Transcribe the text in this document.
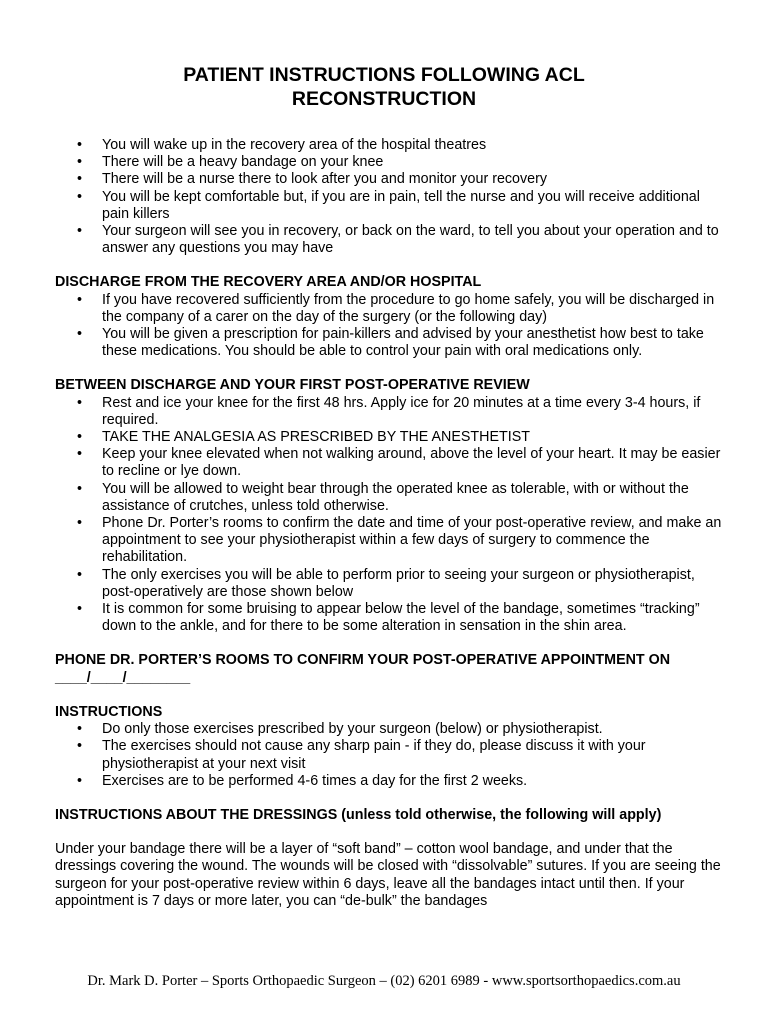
PATIENT INSTRUCTIONS FOLLOWING ACL
RECONSTRUCTION
• You will wake up in the recovery area of the hospital theatres
• There will be a heavy bandage on your knee
• There will be a nurse there to look after you and monitor your recovery
• You will be kept comfortable but, if you are in pain, tell the nurse and you will receive additional pain killers
• Your surgeon will see you in recovery, or back on the ward, to tell you about your operation and to answer any questions you may have
DISCHARGE FROM THE RECOVERY AREA AND/OR HOSPITAL
• If you have recovered sufficiently from the procedure to go home safely, you will be discharged in the company of a carer on the day of the surgery (or the following day)
• You will be given a prescription for pain-killers and advised by your anesthetist how best to take these medications. You should be able to control your pain with oral medications only.
BETWEEN DISCHARGE AND YOUR FIRST POST-OPERATIVE REVIEW
• Rest and ice your knee for the first 48 hrs. Apply ice for 20 minutes at a time every 3-4 hours, if required.
• TAKE THE ANALGESIA AS PRESCRIBED BY THE ANESTHETIST
• Keep your knee elevated when not walking around, above the level of your heart. It may be easier to recline or lye down.
• You will be allowed to weight bear through the operated knee as tolerable, with or without the assistance of crutches, unless told otherwise.
• Phone Dr. Porter’s rooms to confirm the date and time of your post-operative review, and make an appointment to see your physiotherapist within a few days of surgery to commence the rehabilitation.
• The only exercises you will be able to perform prior to seeing your surgeon or physiotherapist, post-operatively are those shown below
• It is common for some bruising to appear below the level of the bandage, sometimes “tracking” down to the ankle, and for there to be some alteration in sensation in the shin area.
PHONE DR. PORTER’S ROOMS TO CONFIRM YOUR POST-OPERATIVE APPOINTMENT ON ____/____/________
INSTRUCTIONS
• Do only those exercises prescribed by your surgeon (below) or physiotherapist.
• The exercises should not cause any sharp pain - if they do, please discuss it with your physiotherapist at your next visit
• Exercises are to be performed 4-6 times a day for the first 2 weeks.
INSTRUCTIONS ABOUT THE DRESSINGS (unless told otherwise, the following will apply)

Under your bandage there will be a layer of “soft band” – cotton wool bandage, and under that the dressings covering the wound. The wounds will be closed with “dissolvable” sutures. If you are seeing the surgeon for your post-operative review within 6 days, leave all the bandages intact until then. If your appointment is 7 days or more later, you can “de-bulk” the bandages

Dr. Mark D. Porter – Sports Orthopaedic Surgeon – (02) 6201 6989 - www.sportsorthopaedics.com.au
